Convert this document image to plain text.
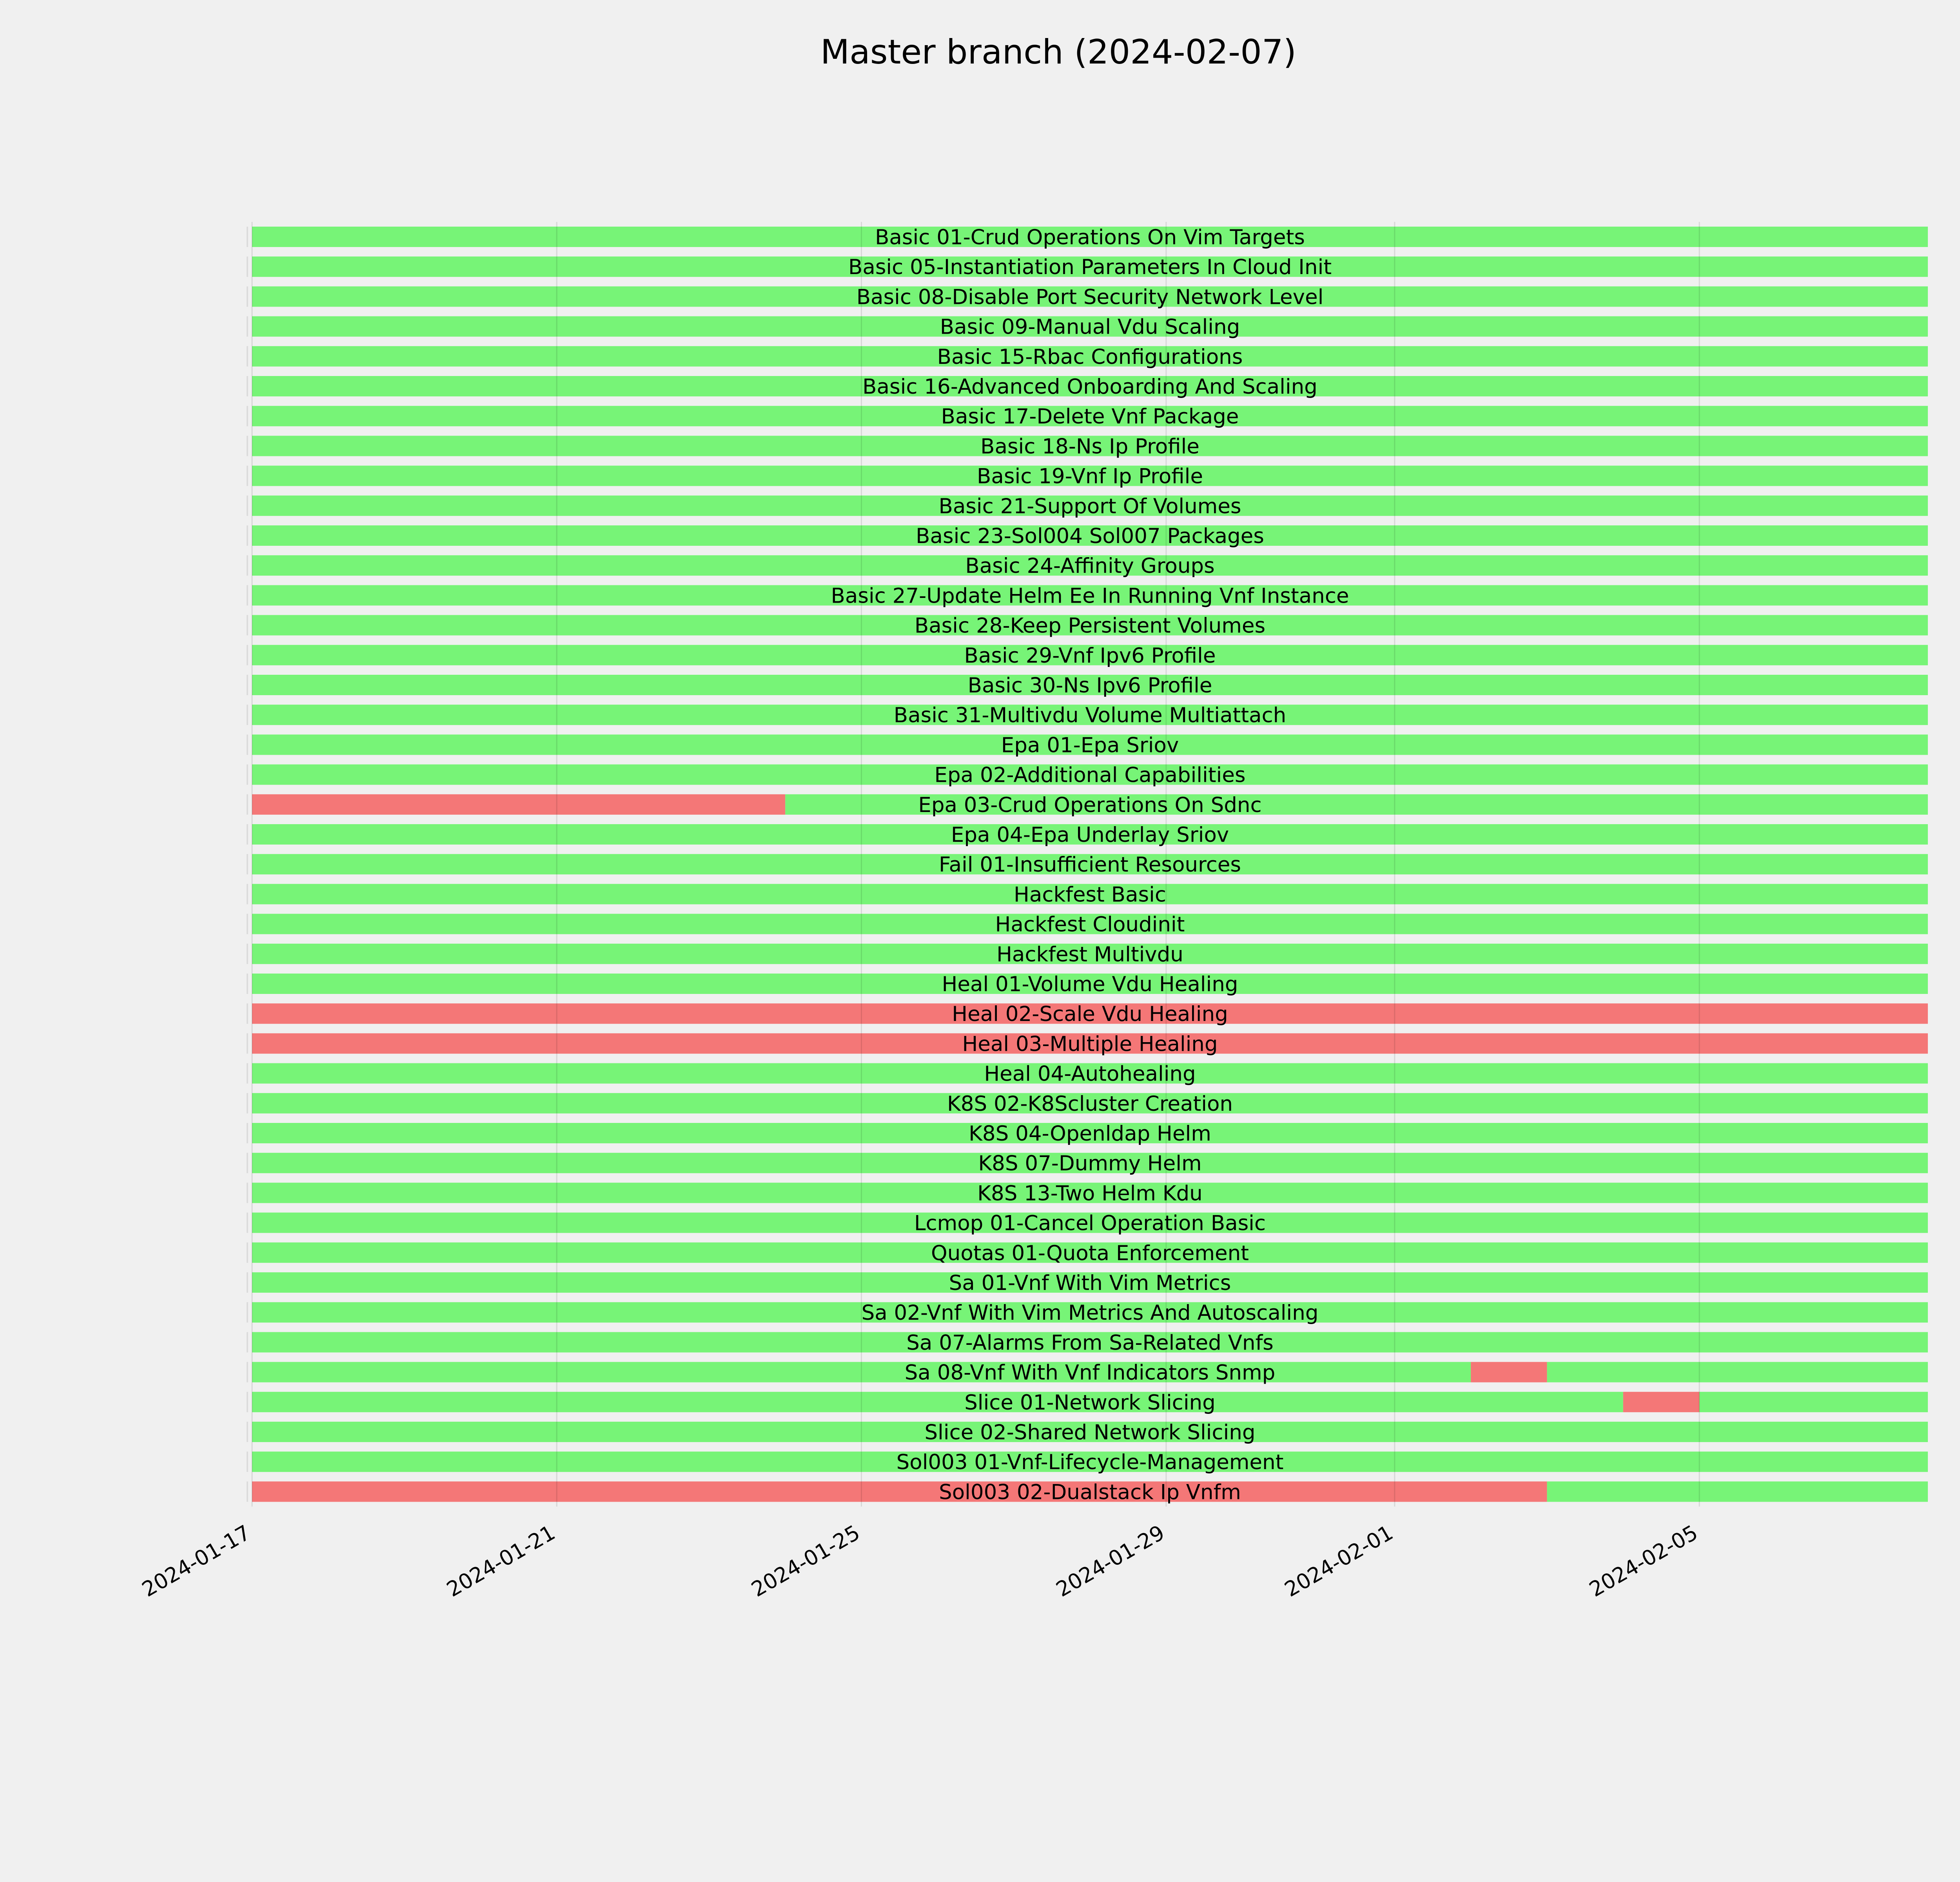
Master branch (2024-02-07)
Basic 01-Crud Operations On Vim Targets
Basic 05-Instantiation Parameters In Cloud Init
Basic 08-Disable Port Security Network Level
Basic 09-Manual Vdu Scaling
Basic 15-Rbac Configurations
Basic 16-Advanced Onboarding And Scaling
Basic 17-Delete Vnf Package
Basic 18-Ns Ip Profile
Basic 19-Vnf Ip Profile
Basic 21-Support Of Volumes
Basic 23-Sol004 Sol007 Packages
Basic 24-Affinity Groups
Basic 27-Update Helm Ee In Running Vnf Instance
Basic 28-Keep Persistent Volumes
Basic 29-Vnf Ipv6 Profile
Basic 30-Ns Ipv6 Profile
Basic 31-Multivdu Volume Multiattach
Epa 01-Epa Sriov
Epa 02-Additional Capabilities
Epa 03-Crud Operations On Sdnc
Epa 04-Epa Underlay Sriov
Fail 01-Insufficient Resources
Hackfest Basic
Hackfest Cloudinit
Hackfest Multivdu
Heal 01-Volume Vdu Healing
Heal 02-Scale Vdu Healing
Heal 03-Multiple Healing
Heal 04-Autohealing
K8S 02-K8Scluster Creation
K8S 04-Openldap Helm
K8S 07-Dummy Helm
K8S 13-Two Helm Kdu
Lcmop 01-Cancel Operation Basic
Quotas 01-Quota Enforcement
Sa 01-Vnf With Vim Metrics
Sa 02-Vnf With Vim Metrics And Autoscaling
Sa 07-Alarms From Sa-Related Vnfs
Sa 08-Vnf With Vnf Indicators Snmp
Slice 01-Network Slicing
Slice 02-Shared Network Slicing
Sol003 01-Vnf-Lifecycle-Management
Sol003 02-Dualstack Ip Vnfm
2024-01-17	2024-01-21	2024-01-25	2024-01-29	2024-02-01	2024-02-05
